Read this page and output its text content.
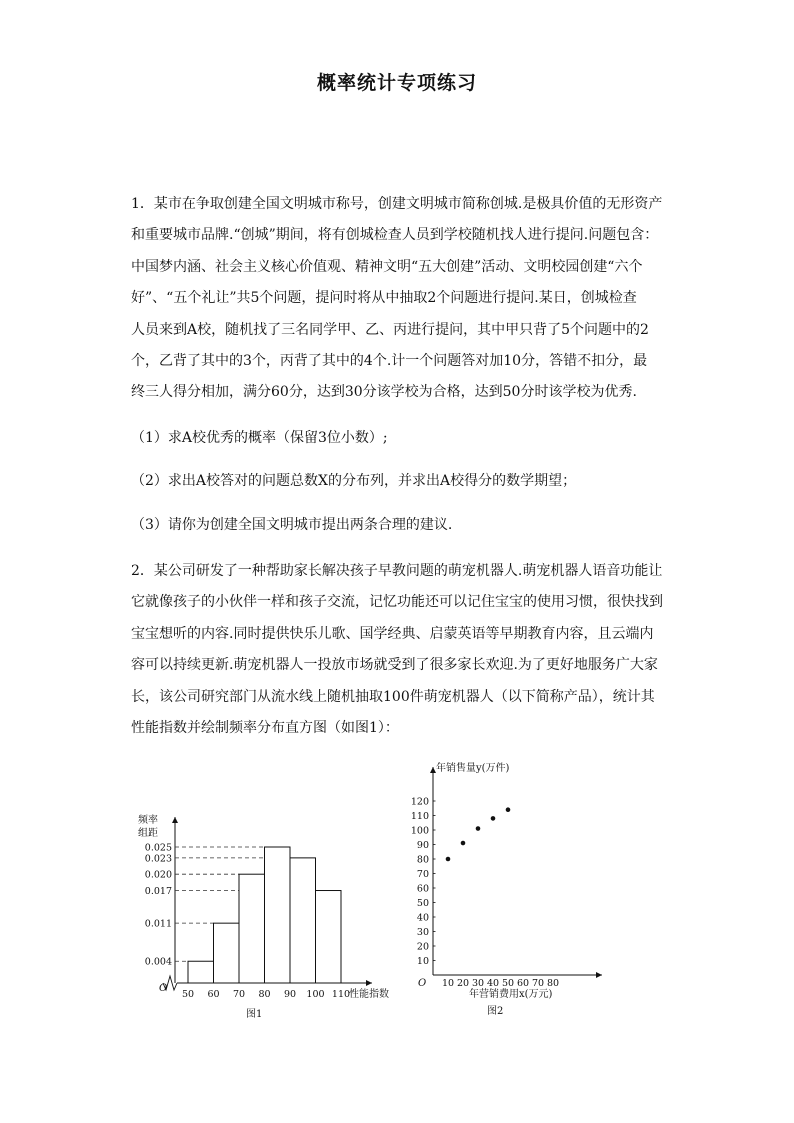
概率统计专项练习
1．某市在争取创建全国文明城市称号，创建文明城市简称创城.是极具价值的无形资产
和重要城市品牌.“创城”期间，将有创城检查人员到学校随机找人进行提问.问题包含：
中国梦内涵、社会主义核心价值观、精神文明“五大创建”活动、文明校园创建“六个
好”、“五个礼让”共5个问题，提问时将从中抽取2个问题进行提问.某日，创城检查
人员来到A校，随机找了三名同学甲、乙、丙进行提问，其中甲只背了5个问题中的2
个，乙背了其中的3个，丙背了其中的4个.计一个问题答对加10分，答错不扣分，最
终三人得分相加，满分60分，达到30分该学校为合格，达到50分时该学校为优秀.
（1）求A校优秀的概率（保留3位小数）;
（2）求出A校答对的问题总数X的分布列，并求出A校得分的数学期望；
（3）请你为创建全国文明城市提出两条合理的建议.
2．某公司研发了一种帮助家长解决孩子早教问题的萌宠机器人.萌宠机器人语音功能让
它就像孩子的小伙伴一样和孩子交流，记忆功能还可以记住宝宝的使用习惯，很快找到
宝宝想听的内容.同时提供快乐儿歌、国学经典、启蒙英语等早期教育内容，且云端内
容可以持续更新.萌宠机器人一投放市场就受到了很多家长欢迎.为了更好地服务广大家
长，该公司研究部门从流水线上随机抽取100件萌宠机器人（以下简称产品），统计其
性能指数并绘制频率分布直方图（如图1）：
频率
组距
O
0.025
0.023
0.020
0.017
0.011
0.004
50 60 70 80 90 100 110
性能指数
图1
年销售量y(万件)
O
10
20
30
40
50
60
70
80
90
100
110
120
10 20 30 40 50 60 70 80
年营销费用x(万元)
图2
